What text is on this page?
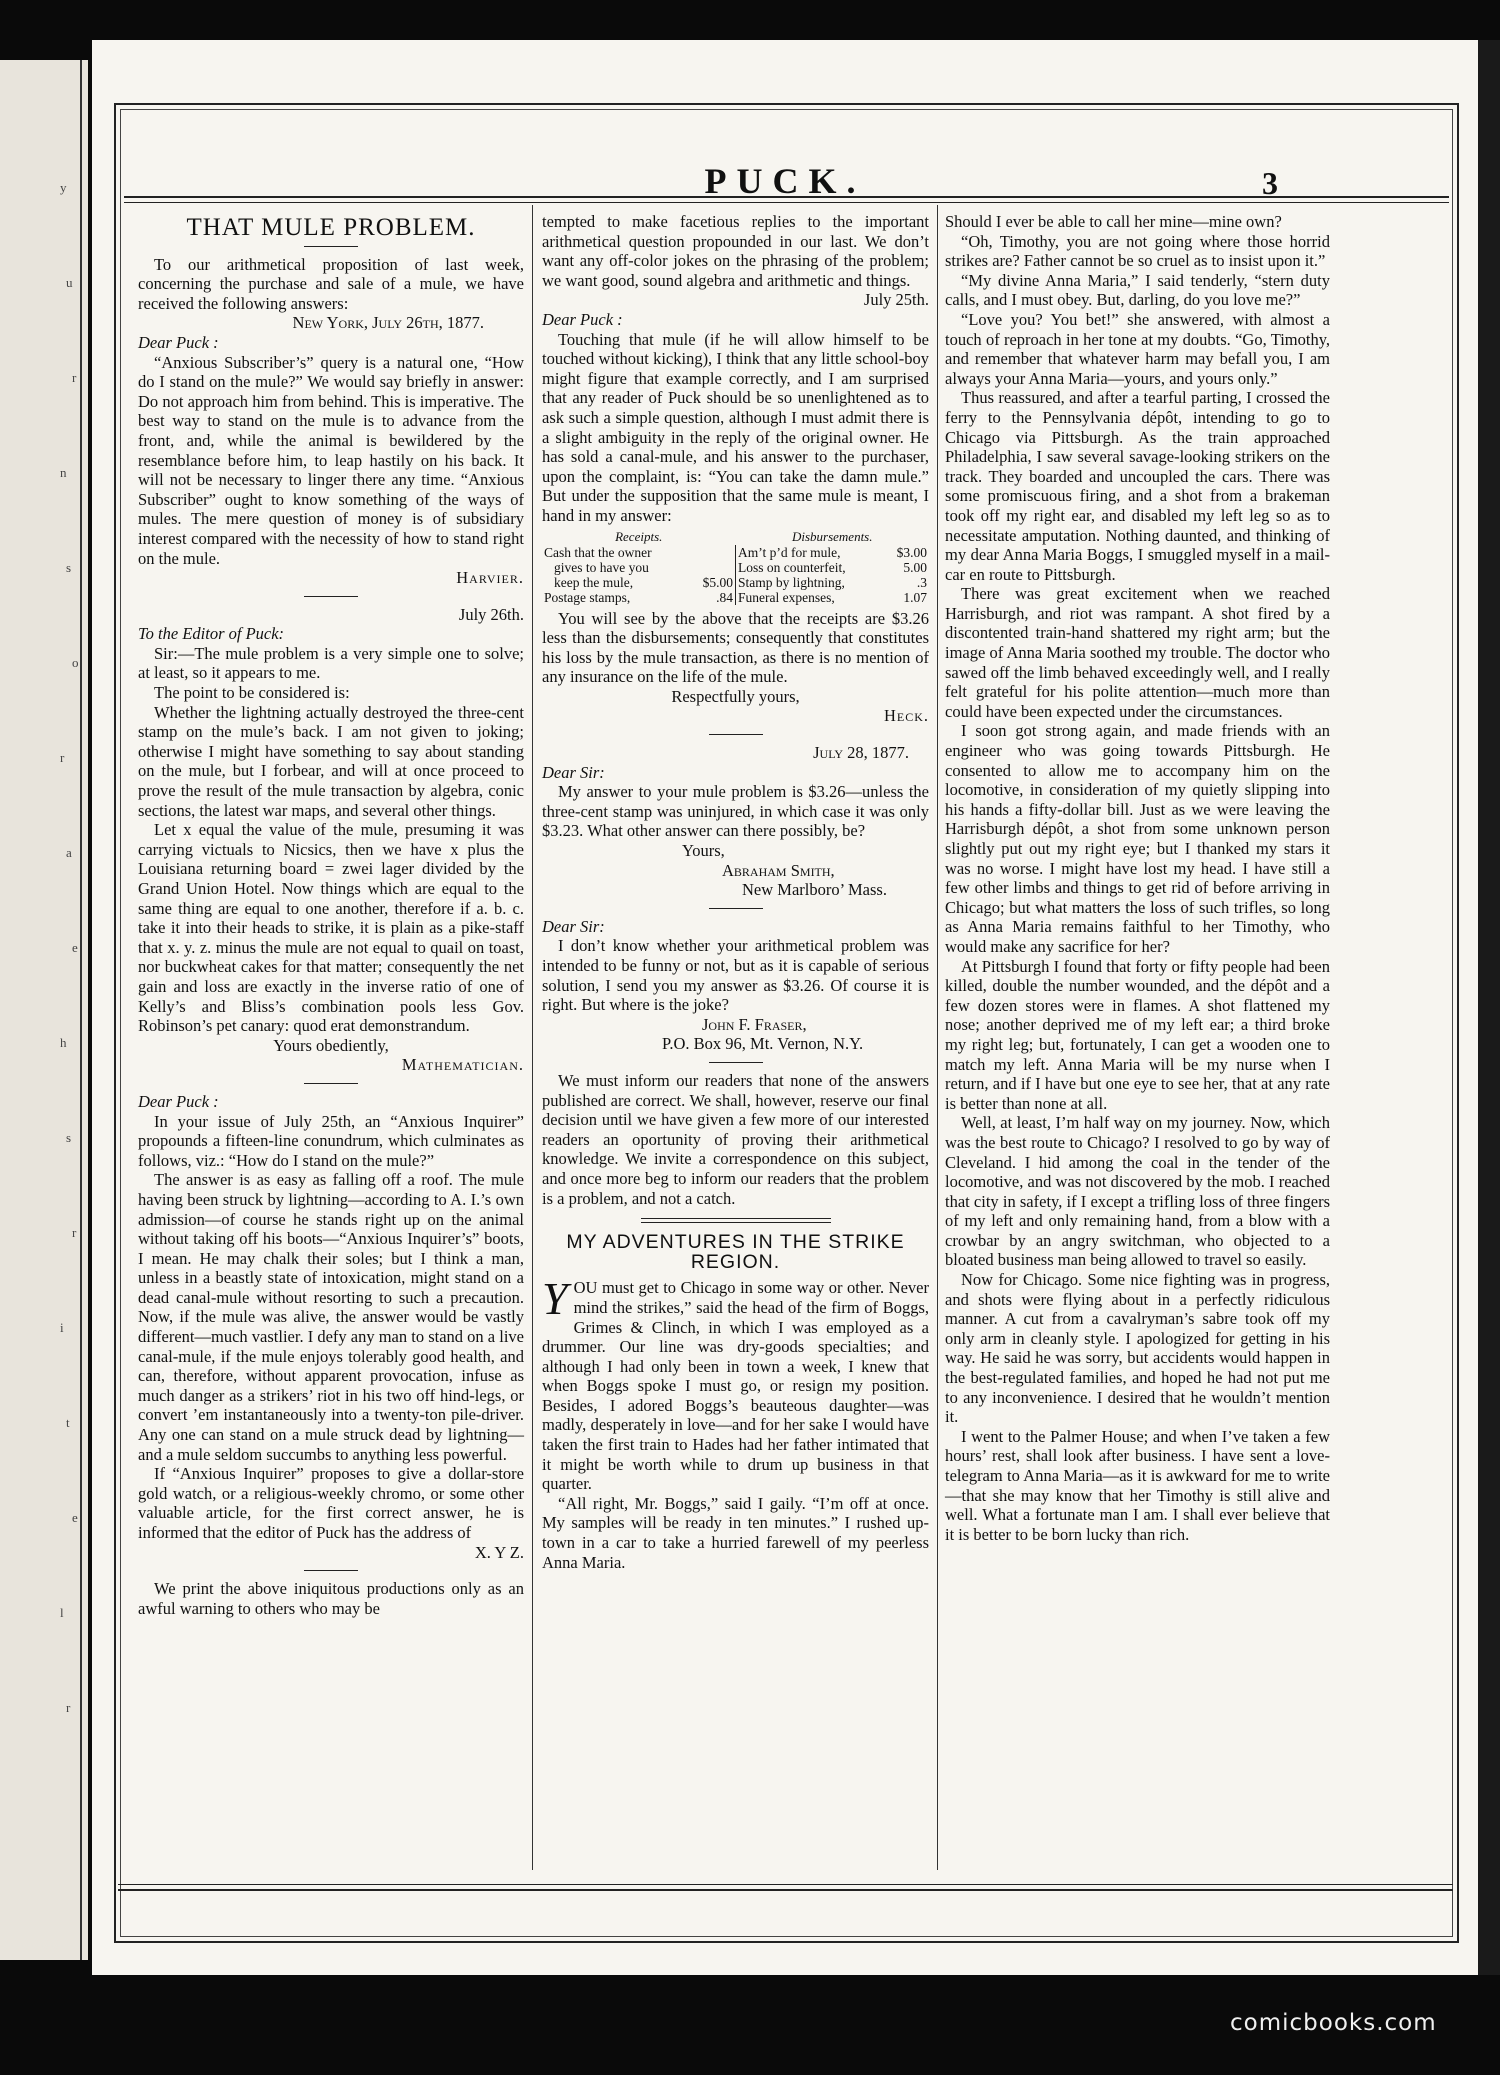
y
u
r
n
s
o
r
a
e
h
s
r
i
t
e
l
r
PUCK.	3
THAT MULE PROBLEM.

To our arithmetical proposition of last week, concerning the purchase and sale of a mule, we have received the following answers:

New York, July 26th, 1877.

Dear Puck :

“Anxious Subscriber’s” query is a natural one, “How do I stand on the mule?” We would say briefly in answer: Do not approach him from behind. This is imperative. The best way to stand on the mule is to advance from the front, and, while the animal is bewildered by the resemblance before him, to leap hastily on his back. It will not be necessary to linger there any time. “Anxious Subscriber” ought to know something of the ways of mules. The mere question of money is of subsidiary interest compared with the necessity of how to stand right on the mule.

Harvier.

July 26th.

To the Editor of Puck:

Sir:—The mule problem is a very simple one to solve; at least, so it appears to me.

The point to be considered is:

Whether the lightning actually destroyed the three-cent stamp on the mule’s back. I am not given to joking; otherwise I might have something to say about standing on the mule, but I forbear, and will at once proceed to prove the result of the mule transaction by algebra, conic sections, the latest war maps, and several other things.

Let x equal the value of the mule, presuming it was carrying victuals to Nicsics, then we have x plus the Louisiana returning board = zwei lager divided by the Grand Union Hotel. Now things which are equal to the same thing are equal to one another, therefore if a. b. c. take it into their heads to strike, it is plain as a pike-staff that x. y. z. minus the mule are not equal to quail on toast, nor buckwheat cakes for that matter; consequently the net gain and loss are exactly in the inverse ratio of one of Kelly’s and Bliss’s combination pools less Gov. Robinson’s pet canary: quod erat demonstrandum.

Yours obediently,

Mathematician.

Dear Puck :

In your issue of July 25th, an “Anxious Inquirer” propounds a fifteen-line conundrum, which culminates as follows, viz.: “How do I stand on the mule?”

The answer is as easy as falling off a roof. The mule having been struck by lightning—according to A. I.’s own admission—of course he stands right up on the animal without taking off his boots—“Anxious Inquirer’s” boots, I mean. He may chalk their soles; but I think a man, unless in a beastly state of intoxication, might stand on a dead canal-mule without resorting to such a precaution. Now, if the mule was alive, the answer would be vastly different—much vastlier. I defy any man to stand on a live canal-mule, if the mule enjoys tolerably good health, and can, therefore, without apparent provocation, infuse as much danger as a strikers’ riot in his two off hind-legs, or convert ’em instantaneously into a twenty-ton pile-driver. Any one can stand on a mule struck dead by lightning—and a mule seldom succumbs to anything less powerful.

If “Anxious Inquirer” proposes to give a dollar-store gold watch, or a religious-weekly chromo, or some other valuable article, for the first correct answer, he is informed that the editor of Puck has the address of

X. Y Z.

We print the above iniquitous productions only as an awful warning to others who may be

tempted to make facetious replies to the important arithmetical question propounded in our last. We don’t want any off-color jokes on the phrasing of the problem; we want good, sound algebra and arithmetic and things.

July 25th.

Dear Puck :

Touching that mule (if he will allow himself to be touched without kicking), I think that any little school-boy might figure that example correctly, and I am surprised that any reader of Puck should be so unenlightened as to ask such a simple question, although I must admit there is a slight ambiguity in the reply of the original owner. He has sold a canal-mule, and his answer to the purchaser, upon the complaint, is: “You can take the damn mule.” But under the supposition that the same mule is meant, I hand in my answer:

Receipts.		Disbursements.	
Cash that the owner		Am’t p’d for mule,	$3.00
gives to have you		Loss on counterfeit,	5.00
keep the mule,	$5.00	Stamp by lightning,	.3
Postage stamps,	.84	Funeral expenses,	1.07

You will see by the above that the receipts are $3.26 less than the disbursements; consequently that constitutes his loss by the mule transaction, as there is no mention of any insurance on the life of the mule.

Respectfully yours,

Heck.

July 28, 1877.

Dear Sir:

My answer to your mule problem is $3.26—unless the three-cent stamp was uninjured, in which case it was only $3.23. What other answer can there possibly, be?

Yours,

Abraham Smith,

New Marlboro’ Mass.

Dear Sir:

I don’t know whether your arithmetical problem was intended to be funny or not, but as it is capable of serious solution, I send you my answer as $3.26. Of course it is right. But where is the joke?

John F. Fraser,

P.O. Box 96, Mt. Vernon, N.Y.

We must inform our readers that none of the answers published are correct. We shall, however, reserve our final decision until we have given a few more of our interested readers an oportunity of proving their arithmetical knowledge. We invite a correspondence on this subject, and once more beg to inform our readers that the problem is a problem, and not a catch.

MY ADVENTURES IN THE STRIKE REGION.

YOU must get to Chicago in some way or other. Never mind the strikes,” said the head of the firm of Boggs, Grimes & Clinch, in which I was employed as a drummer. Our line was dry-goods specialties; and although I had only been in town a week, I knew that when Boggs spoke I must go, or resign my position. Besides, I adored Boggs’s beauteous daughter—was madly, desperately in love—and for her sake I would have taken the first train to Hades had her father intimated that it might be worth while to drum up business in that quarter.

“All right, Mr. Boggs,” said I gaily. “I’m off at once. My samples will be ready in ten minutes.” I rushed up-town in a car to take a hurried farewell of my peerless Anna Maria.

Should I ever be able to call her mine—mine own?

“Oh, Timothy, you are not going where those horrid strikes are? Father cannot be so cruel as to insist upon it.”

“My divine Anna Maria,” I said tenderly, “stern duty calls, and I must obey. But, darling, do you love me?”

“Love you? You bet!” she answered, with almost a touch of reproach in her tone at my doubts. “Go, Timothy, and remember that whatever harm may befall you, I am always your Anna Maria—yours, and yours only.”

Thus reassured, and after a tearful parting, I crossed the ferry to the Pennsylvania dépôt, intending to go to Chicago via Pittsburgh. As the train approached Philadelphia, I saw several savage-looking strikers on the track. They boarded and uncoupled the cars. There was some promiscuous firing, and a shot from a brakeman took off my right ear, and disabled my left leg so as to necessitate amputation. Nothing daunted, and thinking of my dear Anna Maria Boggs, I smuggled myself in a mail-car en route to Pittsburgh.

There was great excitement when we reached Harrisburgh, and riot was rampant. A shot fired by a discontented train-hand shattered my right arm; but the image of Anna Maria soothed my trouble. The doctor who sawed off the limb behaved exceedingly well, and I really felt grateful for his polite attention—much more than could have been expected under the circumstances.

I soon got strong again, and made friends with an engineer who was going towards Pittsburgh. He consented to allow me to accompany him on the locomotive, in consideration of my quietly slipping into his hands a fifty-dollar bill. Just as we were leaving the Harrisburgh dépôt, a shot from some unknown person slightly put out my right eye; but I thanked my stars it was no worse. I might have lost my head. I have still a few other limbs and things to get rid of before arriving in Chicago; but what matters the loss of such trifles, so long as Anna Maria remains faithful to her Timothy, who would make any sacrifice for her?

At Pittsburgh I found that forty or fifty people had been killed, double the number wounded, and the dépôt and a few dozen stores were in flames. A shot flattened my nose; another deprived me of my left ear; a third broke my right leg; but, fortunately, I can get a wooden one to match my left. Anna Maria will be my nurse when I return, and if I have but one eye to see her, that at any rate is better than none at all.

Well, at least, I’m half way on my journey. Now, which was the best route to Chicago? I resolved to go by way of Cleveland. I hid among the coal in the tender of the locomotive, and was not discovered by the mob. I reached that city in safety, if I except a trifling loss of three fingers of my left and only remaining hand, from a blow with a crowbar by an angry switchman, who objected to a bloated business man being allowed to travel so easily.

Now for Chicago. Some nice fighting was in progress, and shots were flying about in a perfectly ridiculous manner. A cut from a cavalryman’s sabre took off my only arm in cleanly style. I apologized for getting in his way. He said he was sorry, but accidents would happen in the best-regulated families, and hoped he had not put me to any inconvenience. I desired that he wouldn’t mention it.

I went to the Palmer House; and when I’ve taken a few hours’ rest, shall look after business. I have sent a love-telegram to Anna Maria—as it is awkward for me to write—that she may know that her Timothy is still alive and well. What a fortunate man I am. I shall ever believe that it is better to be born lucky than rich.

comicbooks.com
